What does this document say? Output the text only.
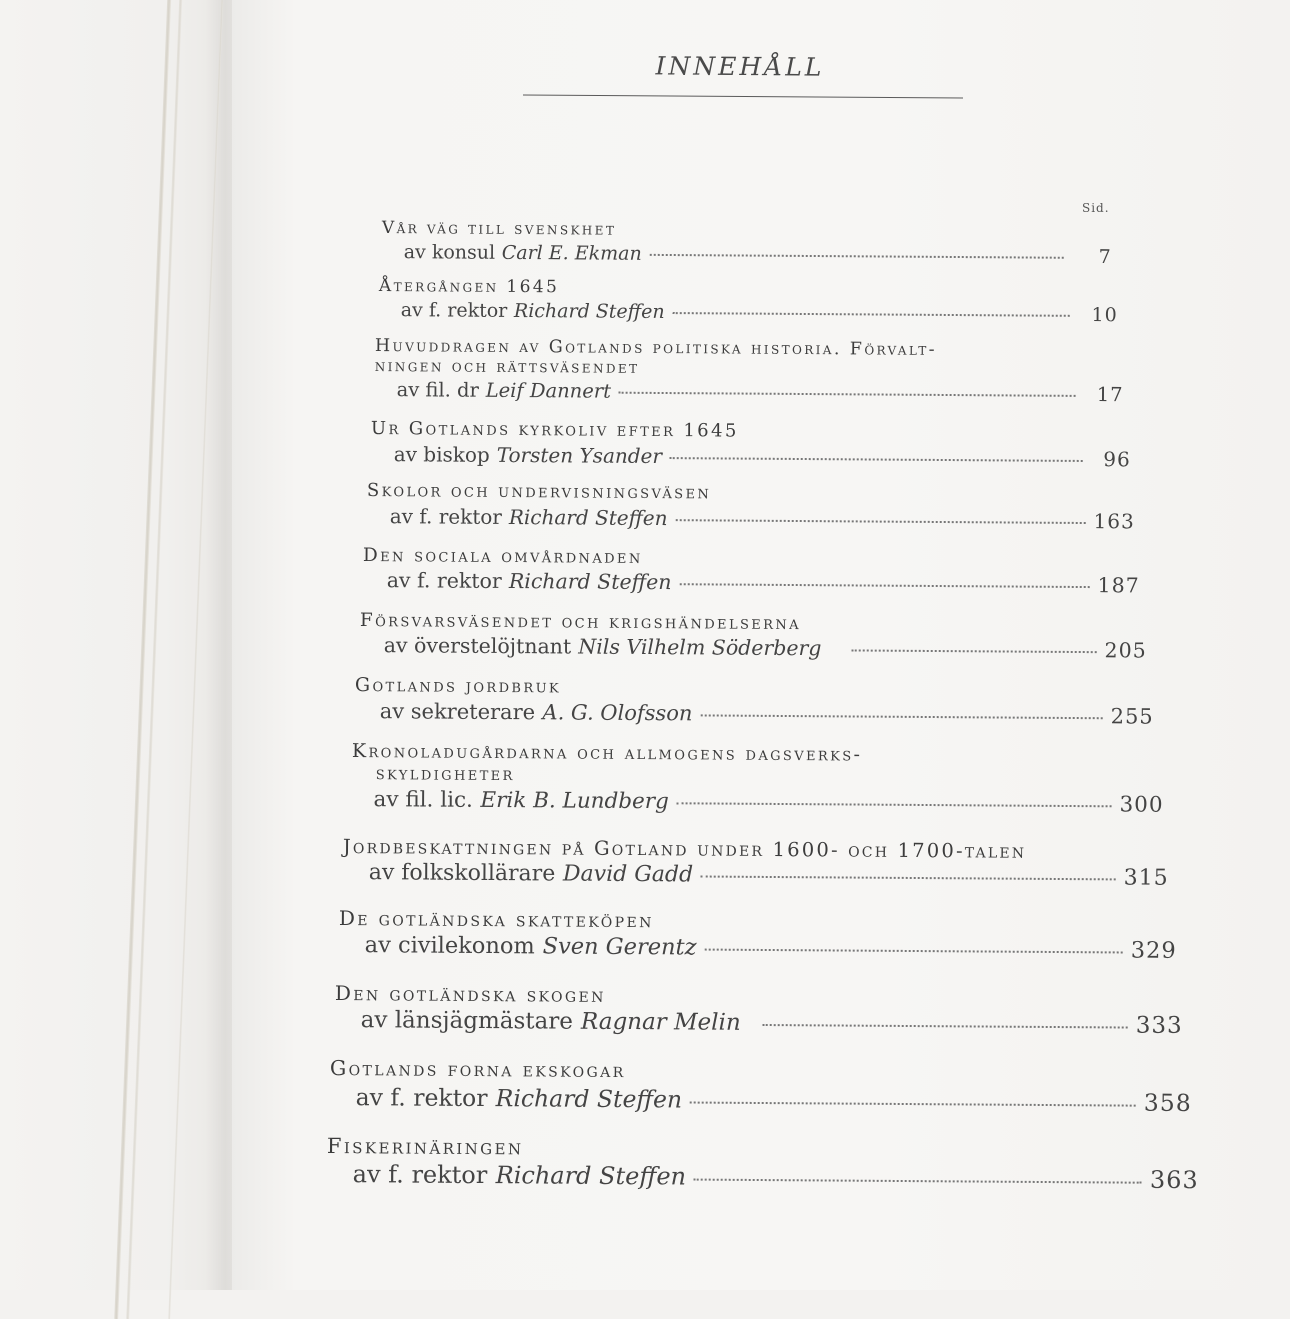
INNEHÅLL
Sid.
Vår väg till svenskhet
av konsul Carl E. Ekman	7
Återgången 1645
av f. rektor Richard Steffen	10
Huvuddragen av Gotlands politiska historia. Förvalt-
ningen och rättsväsendet
av fil. dr Leif Dannert	17
Ur Gotlands kyrkoliv efter 1645
av biskop Torsten Ysander	96
Skolor och undervisningsväsen
av f. rektor Richard Steffen	163
Den sociala omvårdnaden
av f. rektor Richard Steffen	187
Försvarsväsendet och krigshändelserna
av överstelöjtnant Nils Vilhelm Söderberg	205
Gotlands jordbruk
av sekreterare A. G. Olofsson	255
Kronoladugårdarna och allmogens dagsverks-
skyldigheter
av fil. lic. Erik B. Lundberg	300
Jordbeskattningen på Gotland under 1600- och 1700-talen
av folkskollärare David Gadd	315
De gotländska skatteköpen
av civilekonom Sven Gerentz	329
Den gotländska skogen
av länsjägmästare Ragnar Melin	333
Gotlands forna ekskogar
av f. rektor Richard Steffen	358
Fiskerinäringen
av f. rektor Richard Steffen	363
